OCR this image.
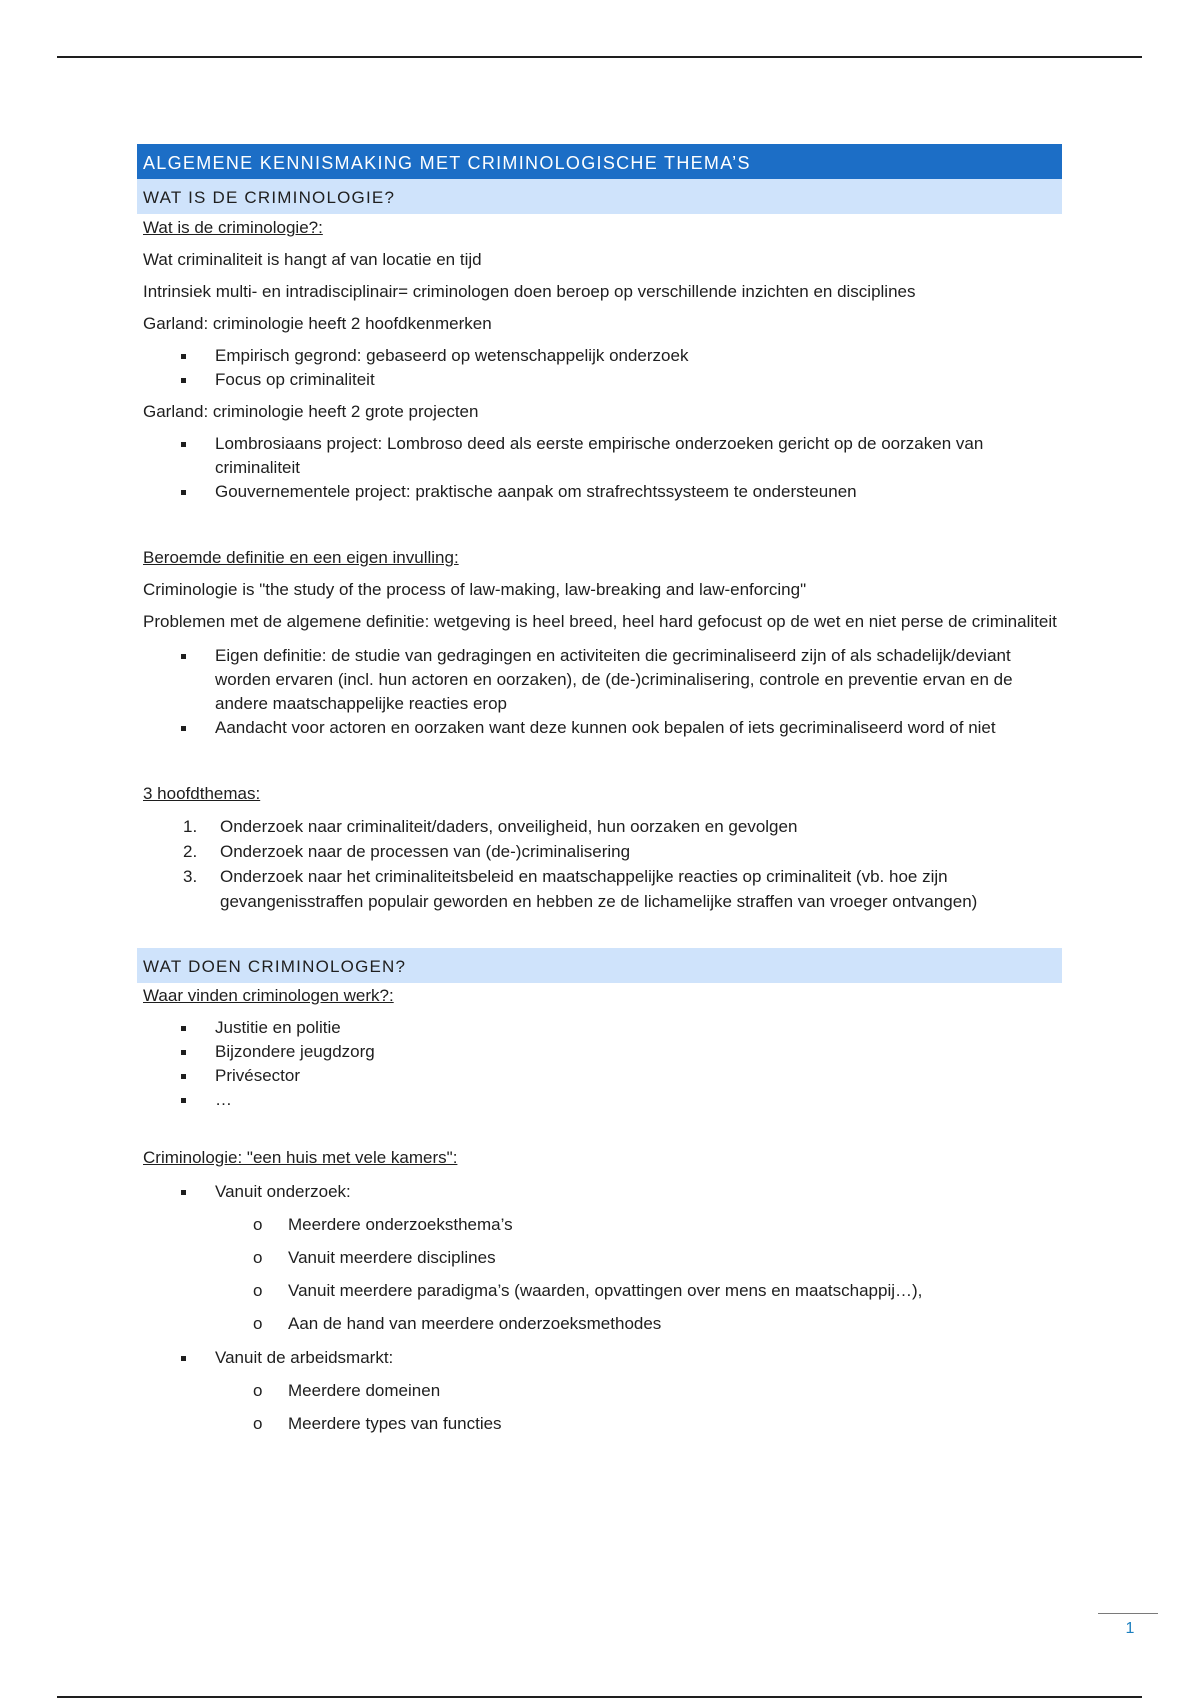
ALGEMENE KENNISMAKING MET CRIMINOLOGISCHE THEMA’S
WAT IS DE CRIMINOLOGIE?

Wat is de criminologie?:

Wat criminaliteit is hangt af van locatie en tijd

Intrinsiek multi- en intradisciplinair= criminologen doen beroep op verschillende inzichten en disciplines

Garland: criminologie heeft 2 hoofdkenmerken

Empirisch gegrond: gebaseerd op wetenschappelijk onderzoek
Focus op criminaliteit

Garland: criminologie heeft 2 grote projecten

Lombrosiaans project: Lombroso deed als eerste empirische onderzoeken gericht op de oorzaken van criminaliteit
Gouvernementele project: praktische aanpak om strafrechtssysteem te ondersteunen

Beroemde definitie en een eigen invulling:

Criminologie is "the study of the process of law-making, law-breaking and law-enforcing"

Problemen met de algemene definitie: wetgeving is heel breed, heel hard gefocust op de wet en niet perse de criminaliteit

Eigen definitie: de studie van gedragingen en activiteiten die gecriminaliseerd zijn of als schadelijk/deviant worden ervaren (incl. hun actoren en oorzaken), de (de-)criminalisering, controle en preventie ervan en de andere maatschappelijke reacties erop
Aandacht voor actoren en oorzaken want deze kunnen ook bepalen of iets gecriminaliseerd word of niet

3 hoofdthemas:

1. Onderzoek naar criminaliteit/daders, onveiligheid, hun oorzaken en gevolgen
2. Onderzoek naar de processen van (de-)criminalisering
3. Onderzoek naar het criminaliteitsbeleid en maatschappelijke reacties op criminaliteit (vb. hoe zijn gevangenisstraffen populair geworden en hebben ze de lichamelijke straffen van vroeger ontvangen)
WAT DOEN CRIMINOLOGEN?

Waar vinden criminologen werk?:

Justitie en politie
Bijzondere jeugdzorg
Privésector
…

Criminologie: "een huis met vele kamers":

Vanuit onderzoek:
o Meerdere onderzoeksthema’s
o Vanuit meerdere disciplines
o Vanuit meerdere paradigma’s (waarden, opvattingen over mens en maatschappij…),
o Aan de hand van meerdere onderzoeksmethodes
Vanuit de arbeidsmarkt:
o Meerdere domeinen
o Meerdere types van functies
1
